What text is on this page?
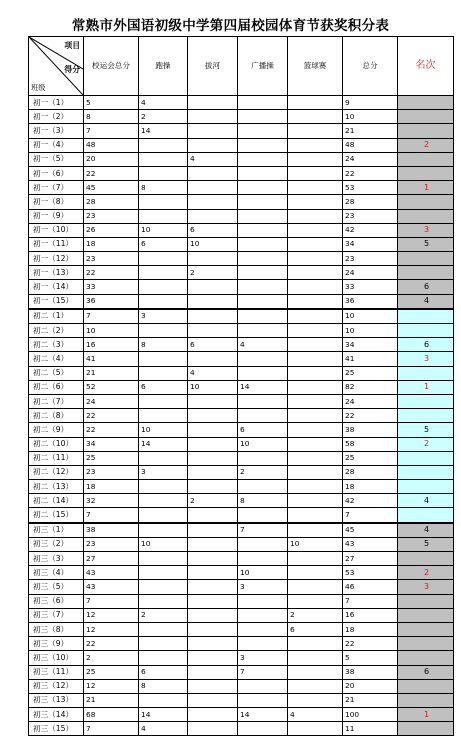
常熟市外国语初级中学第四届校园体育节获奖积分表
项目
得分
班级	校运会总分	跑操	拔河	广播操	篮球赛	总分	名次
初一（1）	5	4				9	
初一（2）	8	2				10	
初一（3）	7	14				21	
初一（4）	48					48	2
初一（5）	20		4			24	
初一（6）	22					22	
初一（7）	45	8				53	1
初一（8）	28					28	
初一（9）	23					23	
初一（10）	26	10	6			42	3
初一（11）	18	6	10			34	5
初一（12）	23					23	
初一（13）	22		2			24	
初一（14）	33					33	6
初一（15）	36					36	4
初二（1）	7	3				10	
初二（2）	10					10	
初二（3）	16	8	6	4		34	6
初二（4）	41					41	3
初二（5）	21		4			25	
初二（6）	52	6	10	14		82	1
初二（7）	24					24	
初二（8）	22					22	
初二（9）	22	10		6		38	5
初二（10）	34	14		10		58	2
初二（11）	25					25	
初二（12）	23	3		2		28	
初二（13）	18					18	
初二（14）	32		2	8		42	4
初二（15）	7					7	
初三（1）	38			7		45	4
初三（2）	23	10			10	43	5
初三（3）	27					27	
初三（4）	43			10		53	2
初三（5）	43			3		46	3
初三（6）	7					7	
初三（7）	12	2			2	16	
初三（8）	12				6	18	
初三（9）	22					22	
初三（10）	2			3		5	
初三（11）	25	6		7		38	6
初三（12）	12	8				20	
初三（13）	21					21	
初三（14）	68	14		14	4	100	1
初三（15）	7	4				11	
